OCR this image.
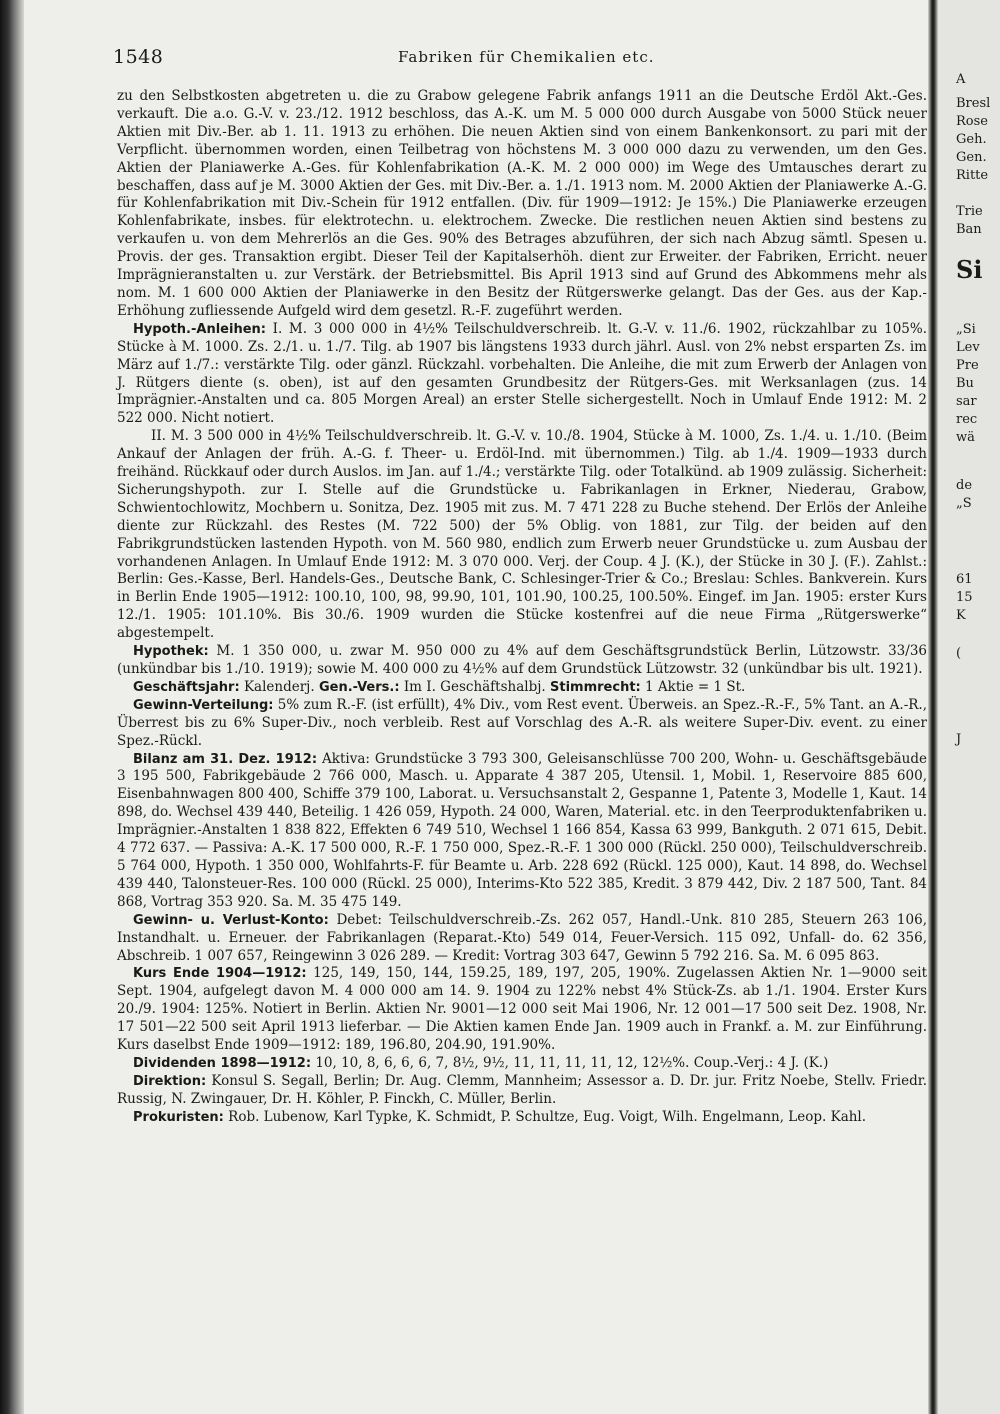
A
Bresl
Rose
Geh.
Gen.
Ritte
Trie
Ban
Si
„Si
Lev
Pre
Bu
sar
rec
wä
de
„S
61
15
K
(
J
1548	Fabriken für Chemikalien etc.

zu den Selbstkosten abgetreten u. die zu Grabow gelegene Fabrik anfangs 1911 an die Deutsche Erdöl Akt.-Ges. verkauft. Die a.o. G.-V. v. 23./12. 1912 beschloss, das A.-K. um M. 5 000 000 durch Ausgabe von 5000 Stück neuer Aktien mit Div.-Ber. ab 1. 11. 1913 zu erhöhen. Die neuen Aktien sind von einem Bankenkonsort. zu pari mit der Verpflicht. übernommen worden, einen Teilbetrag von höchstens M. 3 000 000 dazu zu verwenden, um den Ges. Aktien der Planiawerke A.-Ges. für Kohlenfabrikation (A.-K. M. 2 000 000) im Wege des Umtausches derart zu beschaffen, dass auf je M. 3000 Aktien der Ges. mit Div.-Ber. a. 1./1. 1913 nom. M. 2000 Aktien der Planiawerke A.-G. für Kohlenfabrikation mit Div.-Schein für 1912 entfallen. (Div. für 1909—1912: Je 15%.) Die Planiawerke erzeugen Kohlenfabrikate, insbes. für elektrotechn. u. elektrochem. Zwecke. Die restlichen neuen Aktien sind bestens zu verkaufen u. von dem Mehrerlös an die Ges. 90% des Betrages abzuführen, der sich nach Abzug sämtl. Spesen u. Provis. der ges. Transaktion ergibt. Dieser Teil der Kapitalserhöh. dient zur Erweiter. der Fabriken, Erricht. neuer Imprägnieranstalten u. zur Verstärk. der Betriebsmittel. Bis April 1913 sind auf Grund des Abkommens mehr als nom. M. 1 600 000 Aktien der Planiawerke in den Besitz der Rütgerswerke gelangt. Das der Ges. aus der Kap.-Erhöhung zufliessende Aufgeld wird dem gesetzl. R.-F. zugeführt werden.

Hypoth.-Anleihen: I. M. 3 000 000 in 4½% Teilschuldverschreib. lt. G.-V. v. 11./6. 1902, rückzahlbar zu 105%. Stücke à M. 1000. Zs. 2./1. u. 1./7. Tilg. ab 1907 bis längstens 1933 durch jährl. Ausl. von 2% nebst ersparten Zs. im März auf 1./7.: verstärkte Tilg. oder gänzl. Rückzahl. vorbehalten. Die Anleihe, die mit zum Erwerb der Anlagen von J. Rütgers diente (s. oben), ist auf den gesamten Grundbesitz der Rütgers-Ges. mit Werksanlagen (zus. 14 Imprägnier.-Anstalten und ca. 805 Morgen Areal) an erster Stelle sichergestellt. Noch in Umlauf Ende 1912: M. 2 522 000. Nicht notiert.

II. M. 3 500 000 in 4½% Teilschuldverschreib. lt. G.-V. v. 10./8. 1904, Stücke à M. 1000, Zs. 1./4. u. 1./10. (Beim Ankauf der Anlagen der früh. A.-G. f. Theer- u. Erdöl-Ind. mit übernommen.) Tilg. ab 1./4. 1909—1933 durch freihänd. Rückkauf oder durch Auslos. im Jan. auf 1./4.; verstärkte Tilg. oder Totalkünd. ab 1909 zulässig. Sicherheit: Sicherungshypoth. zur I. Stelle auf die Grundstücke u. Fabrikanlagen in Erkner, Niederau, Grabow, Schwientochlowitz, Mochbern u. Sonitza, Dez. 1905 mit zus. M. 7 471 228 zu Buche stehend. Der Erlös der Anleihe diente zur Rückzahl. des Restes (M. 722 500) der 5% Oblig. von 1881, zur Tilg. der beiden auf den Fabrikgrundstücken lastenden Hypoth. von M. 560 980, endlich zum Erwerb neuer Grundstücke u. zum Ausbau der vorhandenen Anlagen. In Umlauf Ende 1912: M. 3 070 000. Verj. der Coup. 4 J. (K.), der Stücke in 30 J. (F.). Zahlst.: Berlin: Ges.-Kasse, Berl. Handels-Ges., Deutsche Bank, C. Schlesinger-Trier & Co.; Breslau: Schles. Bankverein. Kurs in Berlin Ende 1905—1912: 100.10, 100, 98, 99.90, 101, 101.90, 100.25, 100.50%. Eingef. im Jan. 1905: erster Kurs 12./1. 1905: 101.10%. Bis 30./6. 1909 wurden die Stücke kostenfrei auf die neue Firma „Rütgerswerke“ abgestempelt.

Hypothek: M. 1 350 000, u. zwar M. 950 000 zu 4% auf dem Geschäftsgrundstück Berlin, Lützowstr. 33/36 (unkündbar bis 1./10. 1919); sowie M. 400 000 zu 4½% auf dem Grundstück Lützowstr. 32 (unkündbar bis ult. 1921).

Geschäftsjahr: Kalenderj. Gen.-Vers.: Im I. Geschäftshalbj. Stimmrecht: 1 Aktie = 1 St.

Gewinn-Verteilung: 5% zum R.-F. (ist erfüllt), 4% Div., vom Rest event. Überweis. an Spez.-R.-F., 5% Tant. an A.-R., Überrest bis zu 6% Super-Div., noch verbleib. Rest auf Vorschlag des A.-R. als weitere Super-Div. event. zu einer Spez.-Rückl.

Bilanz am 31. Dez. 1912: Aktiva: Grundstücke 3 793 300, Geleisanschlüsse 700 200, Wohn- u. Geschäftsgebäude 3 195 500, Fabrikgebäude 2 766 000, Masch. u. Apparate 4 387 205, Utensil. 1, Mobil. 1, Reservoire 885 600, Eisenbahnwagen 800 400, Schiffe 379 100, Laborat. u. Versuchsanstalt 2, Gespanne 1, Patente 3, Modelle 1, Kaut. 14 898, do. Wechsel 439 440, Beteilig. 1 426 059, Hypoth. 24 000, Waren, Material. etc. in den Teerproduktenfabriken u. Imprägnier.-Anstalten 1 838 822, Effekten 6 749 510, Wechsel 1 166 854, Kassa 63 999, Bankguth. 2 071 615, Debit. 4 772 637. — Passiva: A.-K. 17 500 000, R.-F. 1 750 000, Spez.-R.-F. 1 300 000 (Rückl. 250 000), Teilschuldverschreib. 5 764 000, Hypoth. 1 350 000, Wohlfahrts-F. für Beamte u. Arb. 228 692 (Rückl. 125 000), Kaut. 14 898, do. Wechsel 439 440, Talonsteuer-Res. 100 000 (Rückl. 25 000), Interims-Kto 522 385, Kredit. 3 879 442, Div. 2 187 500, Tant. 84 868, Vortrag 353 920. Sa. M. 35 475 149.

Gewinn- u. Verlust-Konto: Debet: Teilschuldverschreib.-Zs. 262 057, Handl.-Unk. 810 285, Steuern 263 106, Instandhalt. u. Erneuer. der Fabrikanlagen (Reparat.-Kto) 549 014, Feuer-Versich. 115 092, Unfall- do. 62 356, Abschreib. 1 007 657, Reingewinn 3 026 289. — Kredit: Vortrag 303 647, Gewinn 5 792 216. Sa. M. 6 095 863.

Kurs Ende 1904—1912: 125, 149, 150, 144, 159.25, 189, 197, 205, 190%. Zugelassen Aktien Nr. 1—9000 seit Sept. 1904, aufgelegt davon M. 4 000 000 am 14. 9. 1904 zu 122% nebst 4% Stück-Zs. ab 1./1. 1904. Erster Kurs 20./9. 1904: 125%. Notiert in Berlin. Aktien Nr. 9001—12 000 seit Mai 1906, Nr. 12 001—17 500 seit Dez. 1908, Nr. 17 501—22 500 seit April 1913 lieferbar. — Die Aktien kamen Ende Jan. 1909 auch in Frankf. a. M. zur Einführung. Kurs daselbst Ende 1909—1912: 189, 196.80, 204.90, 191.90%.

Dividenden 1898—1912: 10, 10, 8, 6, 6, 6, 7, 8½, 9½, 11, 11, 11, 11, 12, 12½%. Coup.-Verj.: 4 J. (K.)

Direktion: Konsul S. Segall, Berlin; Dr. Aug. Clemm, Mannheim; Assessor a. D. Dr. jur. Fritz Noebe, Stellv. Friedr. Russig, N. Zwingauer, Dr. H. Köhler, P. Finckh, C. Müller, Berlin.

Prokuristen: Rob. Lubenow, Karl Typke, K. Schmidt, P. Schultze, Eug. Voigt, Wilh. Engelmann, Leop. Kahl.
